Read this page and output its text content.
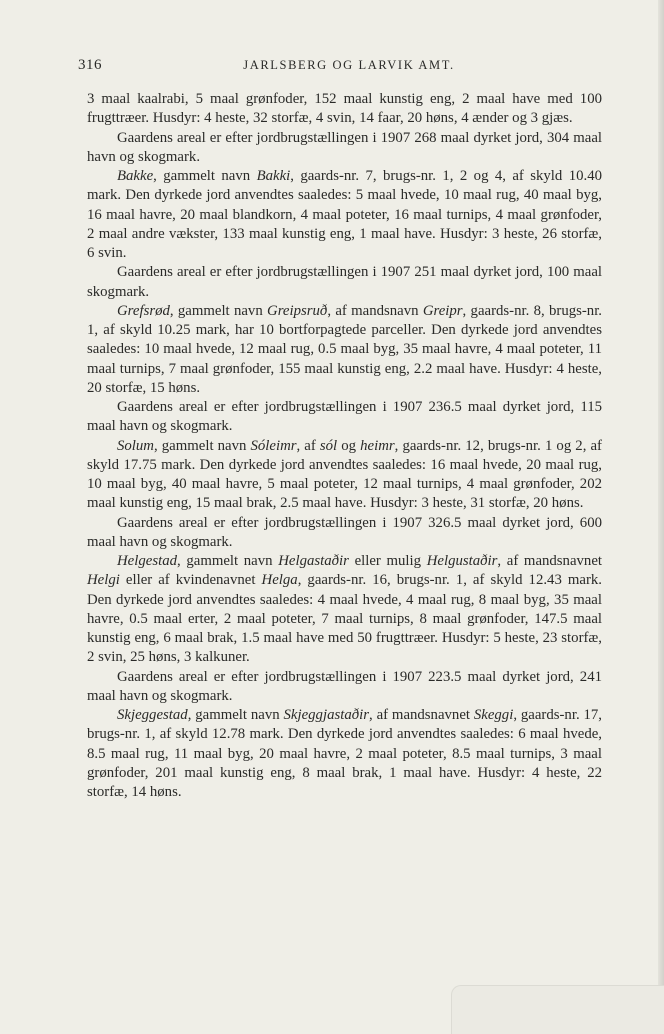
316	JARLSBERG OG LARVIK AMT.

3 maal kaalrabi, 5 maal grønfoder, 152 maal kunstig eng, 2 maal have med 100 frugttræer. Husdyr: 4 heste, 32 storfæ, 4 svin, 14 faar, 20 høns, 4 ænder og 3 gjæs.

Gaardens areal er efter jordbrugstællingen i 1907 268 maal dyrket jord, 304 maal havn og skogmark.

Bakke, gammelt navn Bakki, gaards-nr. 7, brugs-nr. 1, 2 og 4, af skyld 10.40 mark. Den dyrkede jord anvendtes saaledes: 5 maal hvede, 10 maal rug, 40 maal byg, 16 maal havre, 20 maal blandkorn, 4 maal poteter, 16 maal turnips, 4 maal grønfoder, 2 maal andre vækster, 133 maal kunstig eng, 1 maal have. Husdyr: 3 heste, 26 storfæ, 6 svin.

Gaardens areal er efter jordbrugstællingen i 1907 251 maal dyrket jord, 100 maal skogmark.

Grefsrød, gammelt navn Greipsruð, af mandsnavn Greipr, gaards-nr. 8, brugs-nr. 1, af skyld 10.25 mark, har 10 bortforpagtede parceller. Den dyrkede jord anvendtes saaledes: 10 maal hvede, 12 maal rug, 0.5 maal byg, 35 maal havre, 4 maal poteter, 11 maal turnips, 7 maal grønfoder, 155 maal kunstig eng, 2.2 maal have. Husdyr: 4 heste, 20 storfæ, 15 høns.

Gaardens areal er efter jordbrugstællingen i 1907 236.5 maal dyrket jord, 115 maal havn og skogmark.

Solum, gammelt navn Sóleimr, af sól og heimr, gaards-nr. 12, brugs-nr. 1 og 2, af skyld 17.75 mark. Den dyrkede jord anvendtes saaledes: 16 maal hvede, 20 maal rug, 10 maal byg, 40 maal havre, 5 maal poteter, 12 maal turnips, 4 maal grønfoder, 202 maal kunstig eng, 15 maal brak, 2.5 maal have. Husdyr: 3 heste, 31 storfæ, 20 høns.

Gaardens areal er efter jordbrugstællingen i 1907 326.5 maal dyrket jord, 600 maal havn og skogmark.

Helgestad, gammelt navn Helgastaðir eller mulig Helgustaðir, af mandsnavnet Helgi eller af kvindenavnet Helga, gaards-nr. 16, brugs-nr. 1, af skyld 12.43 mark. Den dyrkede jord anvendtes saaledes: 4 maal hvede, 4 maal rug, 8 maal byg, 35 maal havre, 0.5 maal erter, 2 maal poteter, 7 maal turnips, 8 maal grønfoder, 147.5 maal kunstig eng, 6 maal brak, 1.5 maal have med 50 frugttræer. Husdyr: 5 heste, 23 storfæ, 2 svin, 25 høns, 3 kalkuner.

Gaardens areal er efter jordbrugstællingen i 1907 223.5 maal dyrket jord, 241 maal havn og skogmark.

Skjeggestad, gammelt navn Skjeggjastaðir, af mandsnavnet Skeggi, gaards-nr. 17, brugs-nr. 1, af skyld 12.78 mark. Den dyrkede jord anvendtes saaledes: 6 maal hvede, 8.5 maal rug, 11 maal byg, 20 maal havre, 2 maal poteter, 8.5 maal turnips, 3 maal grønfoder, 201 maal kunstig eng, 8 maal brak, 1 maal have. Husdyr: 4 heste, 22 storfæ, 14 høns.
